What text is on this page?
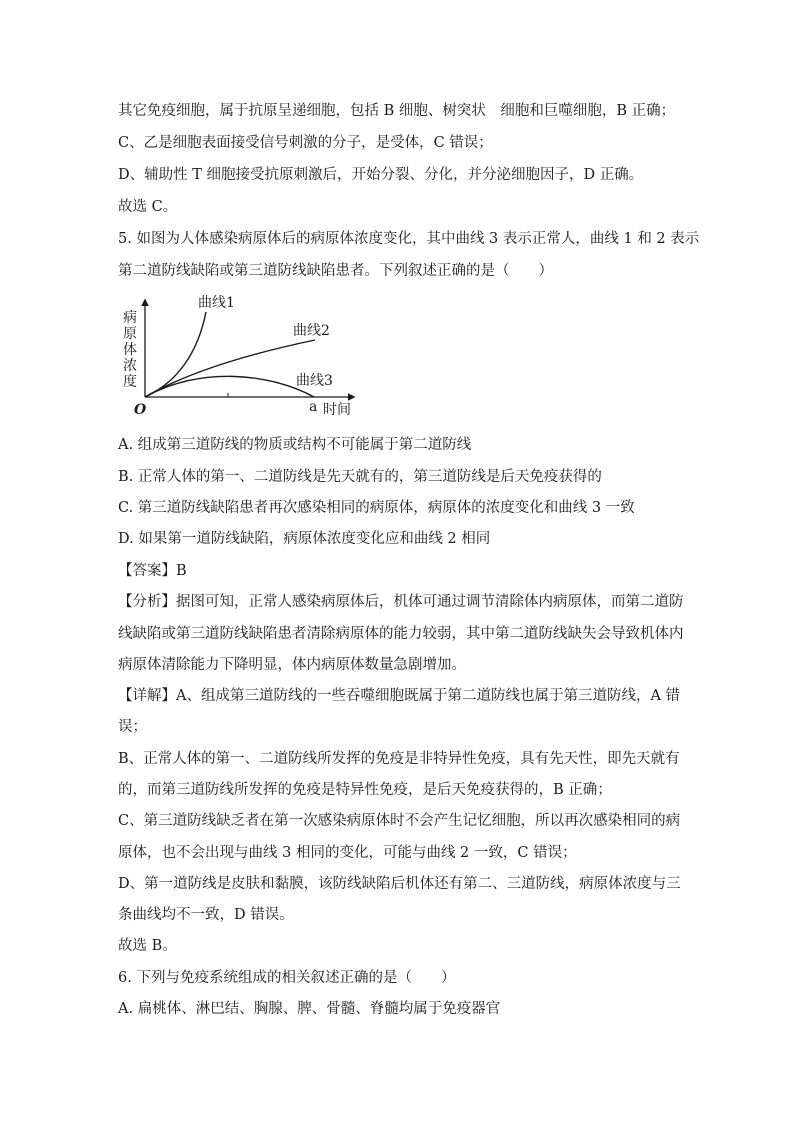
其它免疫细胞，属于抗原呈递细胞，包括 B 细胞、树突状　细胞和巨噬细胞，B 正确；
C、乙是细胞表面接受信号刺激的分子，是受体，C 错误；
D、辅助性 T 细胞接受抗原刺激后，开始分裂、分化，并分泌细胞因子，D 正确。
故选 C。
5. 如图为人体感染病原体后的病原体浓度变化，其中曲线 3 表示正常人，曲线 1 和 2 表示
第二道防线缺陷或第三道防线缺陷患者。下列叙述正确的是（　　）
病
原
体
浓
度
O	a 时间
曲线1
曲线2
曲线3
A. 组成第三道防线的物质或结构不可能属于第二道防线
B. 正常人体的第一、二道防线是先天就有的，第三道防线是后天免疫获得的
C. 第三道防线缺陷患者再次感染相同的病原体，病原体的浓度变化和曲线 3 一致
D. 如果第一道防线缺陷，病原体浓度变化应和曲线 2 相同
【答案】B
【分析】据图可知，正常人感染病原体后，机体可通过调节清除体内病原体，而第二道防
线缺陷或第三道防线缺陷患者清除病原体的能力较弱，其中第二道防线缺失会导致机体内
病原体清除能力下降明显，体内病原体数量急剧增加。
【详解】A、组成第三道防线的一些吞噬细胞既属于第二道防线也属于第三道防线，A 错
误；
B、正常人体的第一、二道防线所发挥的免疫是非特异性免疫，具有先天性，即先天就有
的，而第三道防线所发挥的免疫是特异性免疫，是后天免疫获得的，B 正确；
C、第三道防线缺乏者在第一次感染病原体时不会产生记忆细胞，所以再次感染相同的病
原体，也不会出现与曲线 3 相同的变化，可能与曲线 2 一致，C 错误；
D、第一道防线是皮肤和黏膜，该防线缺陷后机体还有第二、三道防线，病原体浓度与三
条曲线均不一致，D 错误。
故选 B。
6. 下列与免疫系统组成的相关叙述正确的是（　　）
A. 扁桃体、淋巴结、胸腺、脾、骨髓、脊髓均属于免疫器官
